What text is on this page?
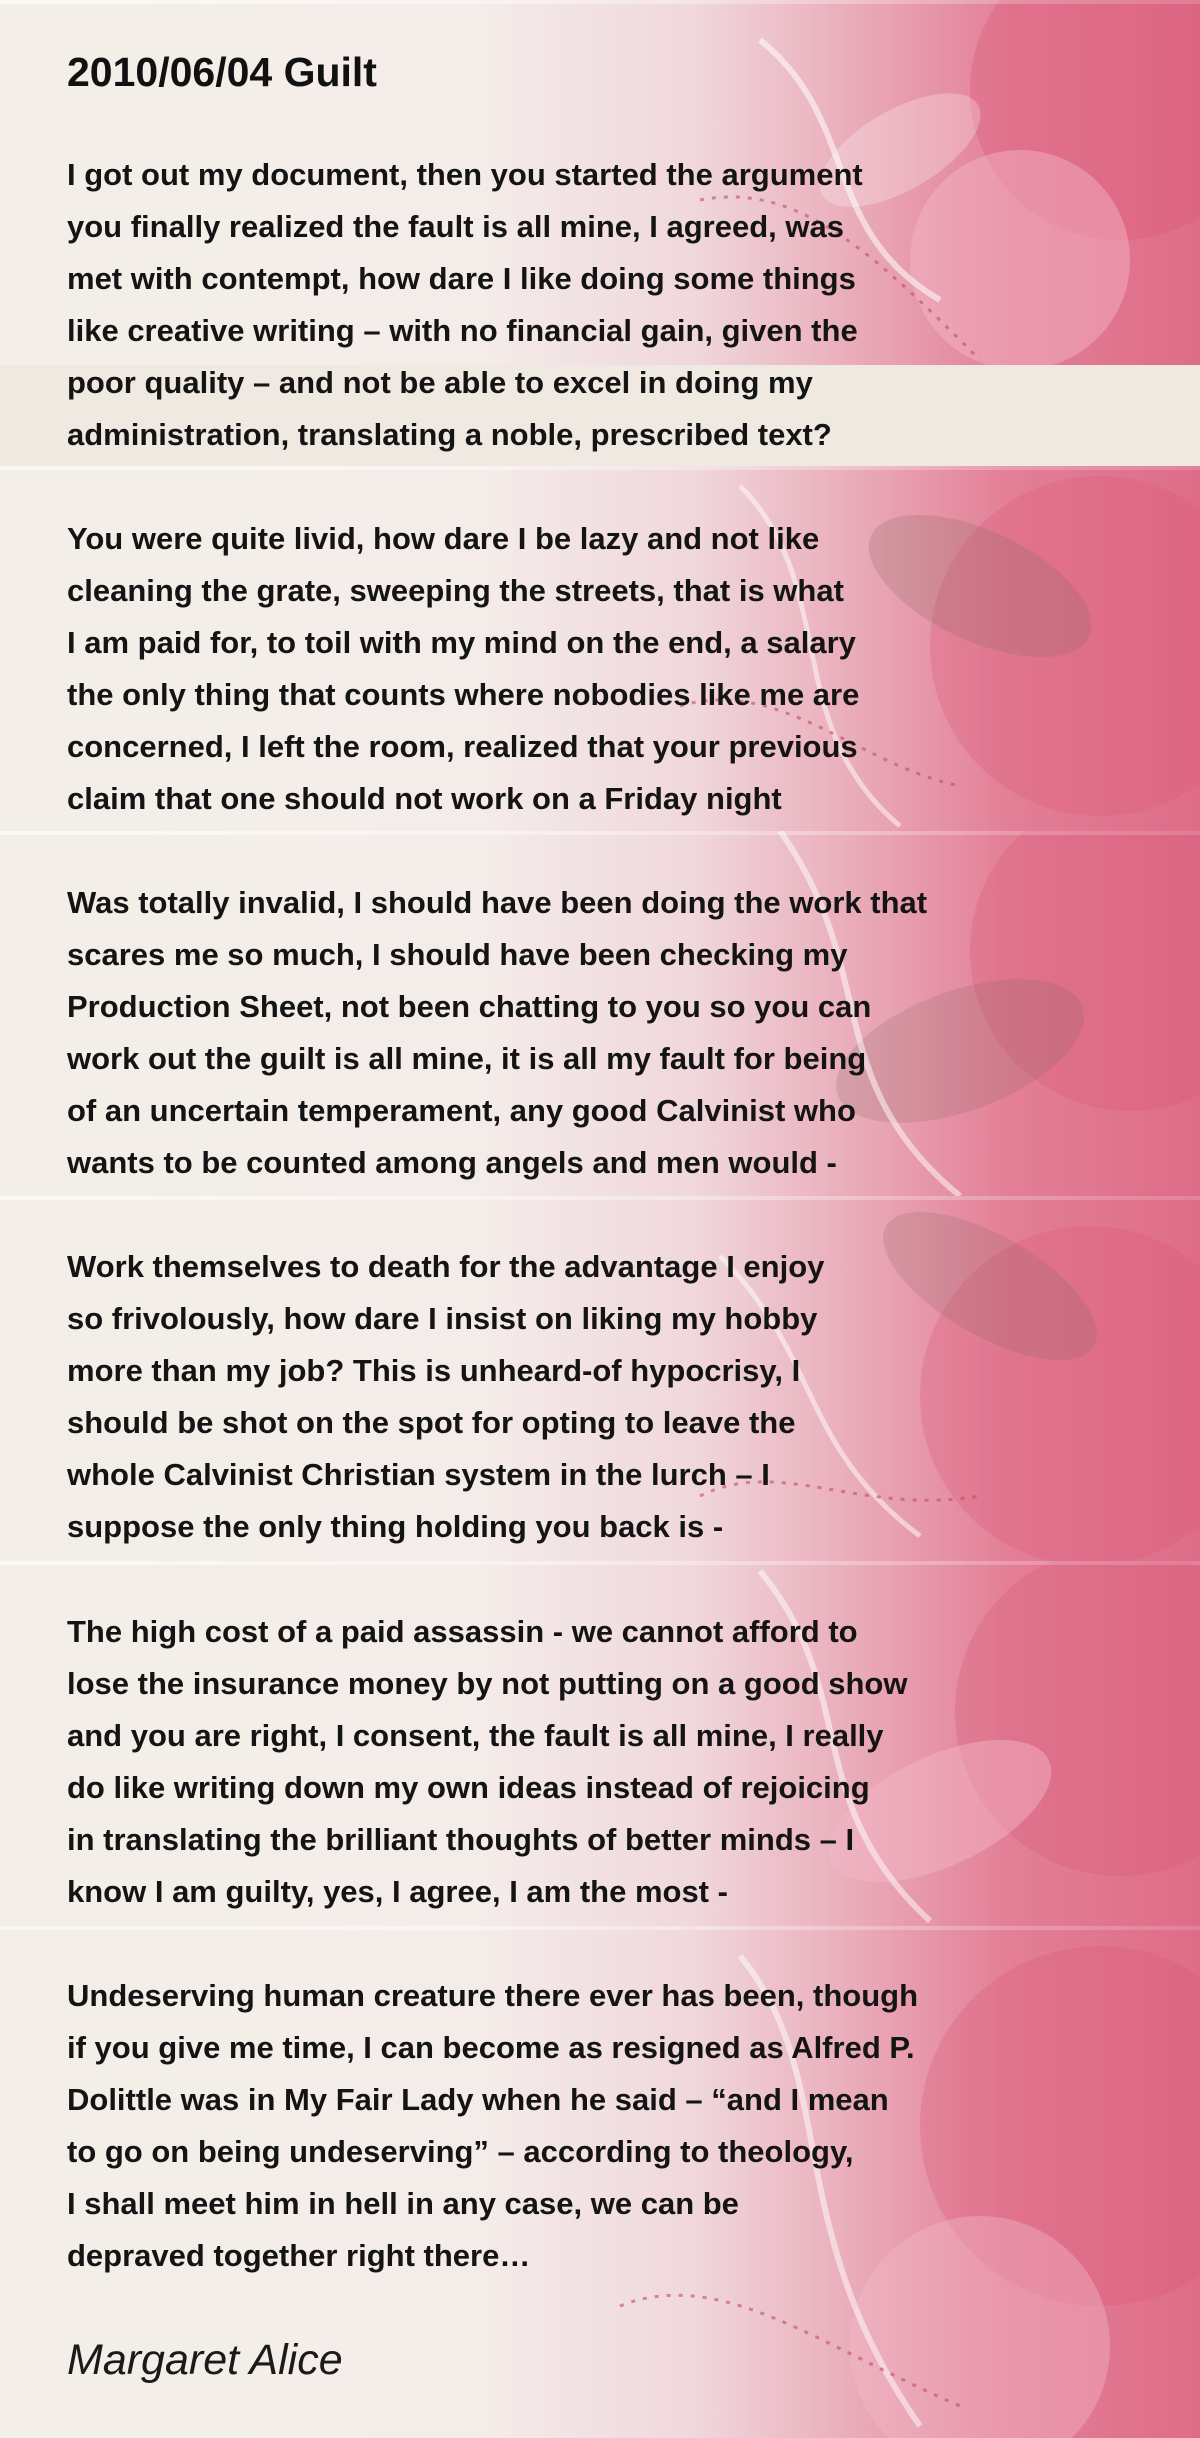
2010/06/04 Guilt
I got out my document, then you started the argument
you finally realized the fault is all mine, I agreed, was
met with contempt, how dare I like doing some things
like creative writing – with no financial gain, given the
poor quality – and not be able to excel in doing my
administration, translating a noble, prescribed text?
You were quite livid, how dare I be lazy and not like
cleaning the grate, sweeping the streets, that is what
I am paid for, to toil with my mind on the end, a salary
the only thing that counts where nobodies like me are
concerned, I left the room, realized that your previous
claim that one should not work on a Friday night
Was totally invalid, I should have been doing the work that
scares me so much, I should have been checking my
Production Sheet, not been chatting to you so you can
work out the guilt is all mine, it is all my fault for being
of an uncertain temperament, any good Calvinist who
wants to be counted among angels and men would -
Work themselves to death for the advantage I enjoy
so frivolously, how dare I insist on liking my hobby
more than my job? This is unheard-of hypocrisy, I
should be shot on the spot for opting to leave the
whole Calvinist Christian system in the lurch – I
suppose the only thing holding you back is -
The high cost of a paid assassin - we cannot afford to
lose the insurance money by not putting on a good show
and you are right, I consent, the fault is all mine, I really
do like writing down my own ideas instead of rejoicing
in translating the brilliant thoughts of better minds – I
know I am guilty, yes, I agree, I am the most -
Undeserving human creature there ever has been, though
if you give me time, I can become as resigned as Alfred P.
Dolittle was in My Fair Lady when he said – “and I mean
to go on being undeserving” – according to theology,
I shall meet him in hell in any case, we can be
depraved together right there…
Margaret Alice
